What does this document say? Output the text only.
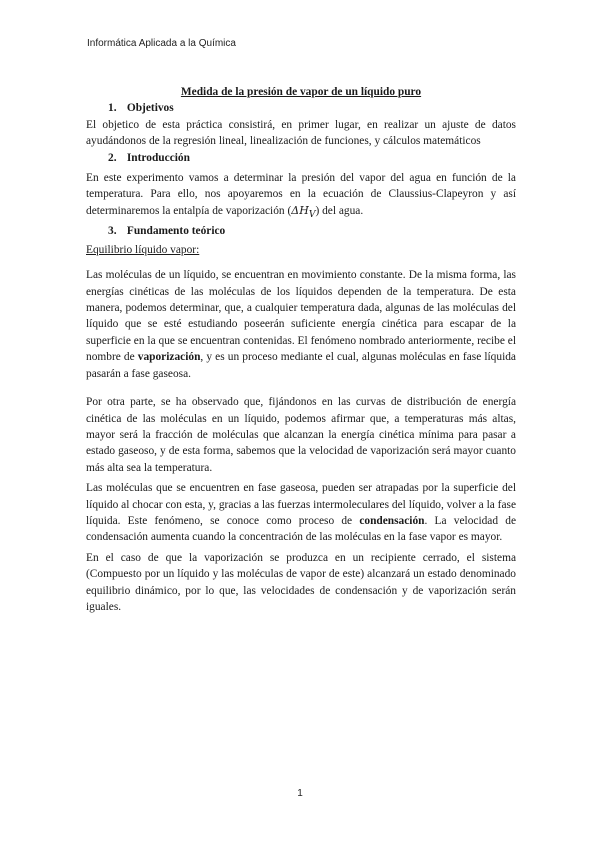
Informática Aplicada a la Química

Medida de la presión de vapor de un líquido puro

1. Objetivos

El objetico de esta práctica consistirá, en primer lugar, en realizar un ajuste de datos ayudándonos de la regresión lineal, linealización de funciones, y cálculos matemáticos

2. Introducción

En este experimento vamos a determinar la presión del vapor del agua en función de la temperatura. Para ello, nos apoyaremos en la ecuación de Claussius-Clapeyron y así determinaremos la entalpía de vaporización $(\Delta H_V)$ del agua.

3. Fundamento teórico

Equilibrio líquido vapor:

Las moléculas de un líquido, se encuentran en movimiento constante. De la misma forma, las energías cinéticas de las moléculas de los líquidos dependen de la temperatura. De esta manera, podemos determinar, que, a cualquier temperatura dada, algunas de las moléculas del líquido que se esté estudiando poseerán suficiente energía cinética para escapar de la superficie en la que se encuentran contenidas. El fenómeno nombrado anteriormente, recibe el nombre de vaporización, y es un proceso mediante el cual, algunas moléculas en fase líquida pasarán a fase gaseosa.

Por otra parte, se ha observado que, fijándonos en las curvas de distribución de energía cinética de las moléculas en un líquido, podemos afirmar que, a temperaturas más altas, mayor será la fracción de moléculas que alcanzan la energía cinética mínima para pasar a estado gaseoso, y de esta forma, sabemos que la velocidad de vaporización será mayor cuanto más alta sea la temperatura.

Las moléculas que se encuentren en fase gaseosa, pueden ser atrapadas por la superficie del líquido al chocar con esta, y, gracias a las fuerzas intermoleculares del líquido, volver a la fase líquida. Este fenómeno, se conoce como proceso de condensación. La velocidad de condensación aumenta cuando la concentración de las moléculas en la fase vapor es mayor.

En el caso de que la vaporización se produzca en un recipiente cerrado, el sistema (Compuesto por un líquido y las moléculas de vapor de este) alcanzará un estado denominado equilibrio dinámico, por lo que, las velocidades de condensación y de vaporización serán iguales.

1
